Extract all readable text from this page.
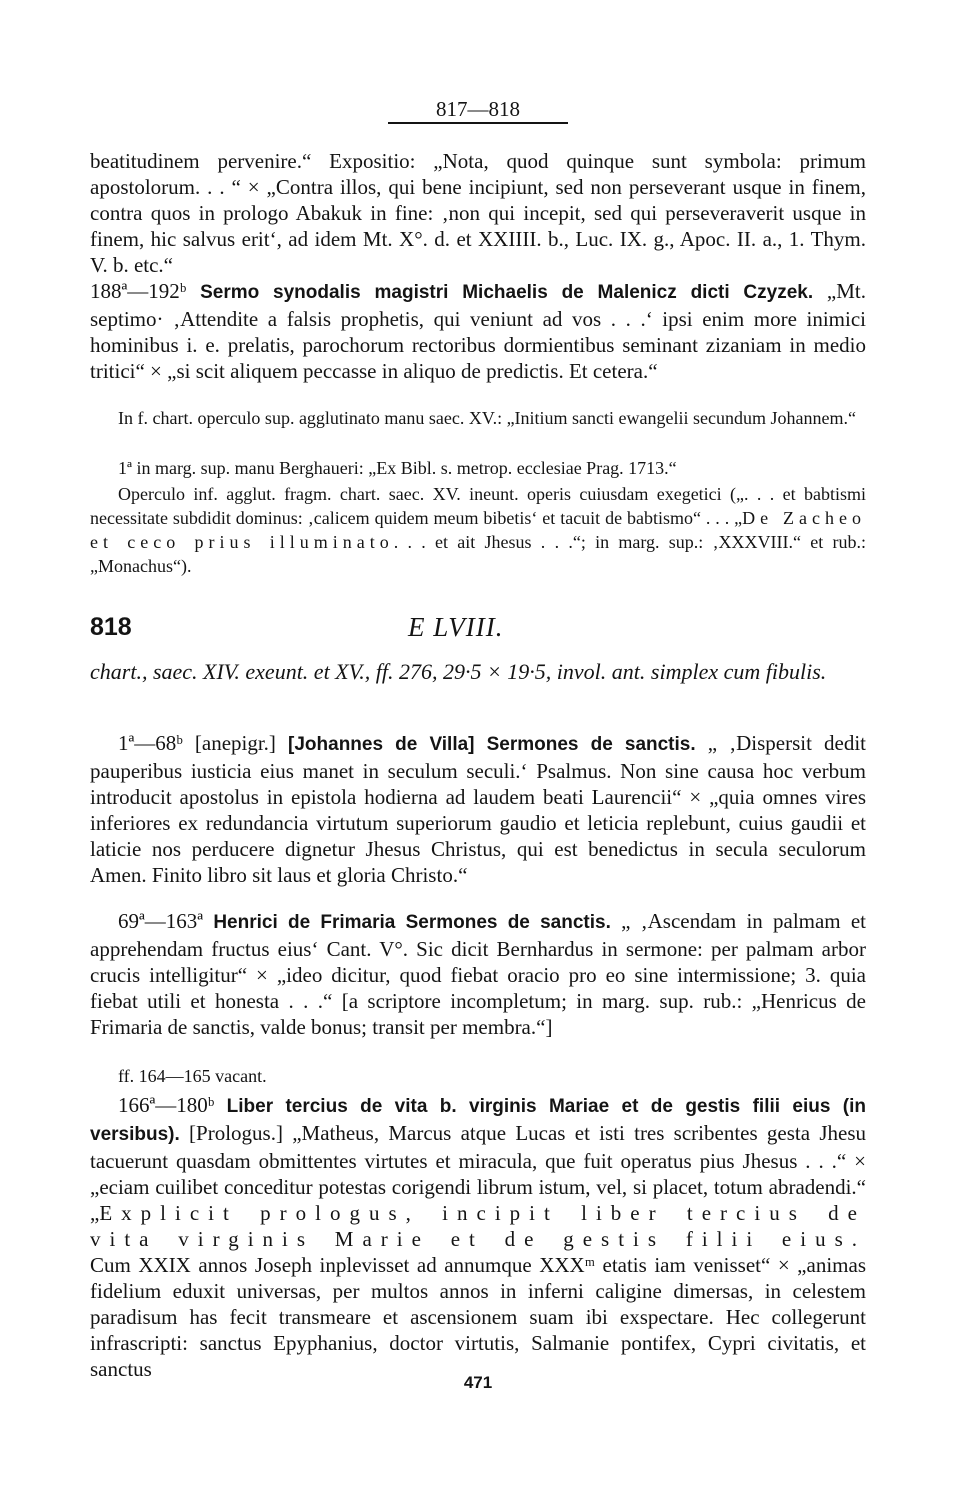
817—818
beatitudinem pervenire.“ Expositio: „Nota, quod quinque sunt symbola: primum apostolorum. . . “ × „Contra illos, qui bene incipiunt, sed non perseverant usque in finem, contra quos in prologo Abakuk in fine: ‚non qui incepit, sed qui perseveraverit usque in finem, hic salvus erit‘, ad idem Mt. X°. d. et XXIIII. b., Luc. IX. g., Apoc. II. a., 1. Thym. V. b. etc.“
188ª—192ᵇ Sermo synodalis magistri Michaelis de Malenicz dicti Czyzek. „Mt. septimo· ‚Attendite a falsis prophetis, qui veniunt ad vos . . .‘ ipsi enim more inimici hominibus i. e. prelatis, parochorum rectoribus dormientibus seminant zizaniam in medio tritici“ × „si scit aliquem peccasse in aliquo de predictis. Et cetera.“
In f. chart. operculo sup. agglutinato manu saec. XV.: „Initium sancti ewangelii secundum Johannem.“
1ª in marg. sup. manu Berghaueri: „Ex Bibl. s. metrop. ecclesiae Prag. 1713.“
Operculo inf. agglut. fragm. chart. saec. XV. ineunt. operis cuiusdam exegetici („. . . et babtismi necessitate subdidit dominus: ‚calicem quidem meum bibetis‘ et tacuit de babtismo“ . . . „De Zacheo et ceco prius illuminato. . . et ait Jhesus . . .“; in marg. sup.: ‚XXXVIII.“ et rub.: „Monachus“).
818	E LVIII.
chart., saec. XIV. exeunt. et XV., ff. 276, 29·5 × 19·5, invol. ant. simplex cum fibulis.
1ª—68ᵇ [anepigr.] [Johannes de Villa] Sermones de sanctis. „ ‚Dispersit dedit pauperibus iusticia eius manet in seculum seculi.‘ Psalmus. Non sine causa hoc verbum introducit apostolus in epistola hodierna ad laudem beati Laurencii“ × „quia omnes vires inferiores ex redundancia virtutum superiorum gaudio et leticia replebunt, cuius gaudii et laticie nos perducere dignetur Jhesus Christus, qui est benedictus in secula seculorum Amen. Finito libro sit laus et gloria Christo.“
69ª—163ª Henrici de Frimaria Sermones de sanctis. „ ‚Ascendam in palmam et apprehendam fructus eius‘ Cant. V°. Sic dicit Bernhardus in sermone: per palmam arbor crucis intelligitur“ × „ideo dicitur, quod fiebat oracio pro eo sine intermissione; 3. quia fiebat utili et honesta . . .“ [a scriptore incompletum; in marg. sup. rub.: „Henricus de Frimaria de sanctis, valde bonus; transit per membra.“]
ff. 164—165 vacant.
166ª—180ᵇ Liber tercius de vita b. virginis Mariae et de gestis filii eius (in versibus). [Prologus.] „Matheus, Marcus atque Lucas et isti tres scribentes gesta Jhesu tacuerunt quasdam obmittentes virtutes et miracula, que fuit operatus pius Jhesus . . .“ × „eciam cuilibet conceditur potestas corigendi librum istum, vel, si placet, totum abradendi.“ „Explicit prologus, incipit liber tercius de vita virginis Marie et de gestis filii eius. Cum XXIX annos Joseph inplevisset ad annumque XXXᵐ etatis iam venisset“ × „animas fidelium eduxit universas, per multos annos in inferni caligine dimersas, in celestem paradisum has fecit transmeare et ascensionem suam ibi exspectare. Hec collegerunt infrascripti: sanctus Epyphanius, doctor virtutis, Salmanie pontifex, Cypri civitatis, et sanctus
471
